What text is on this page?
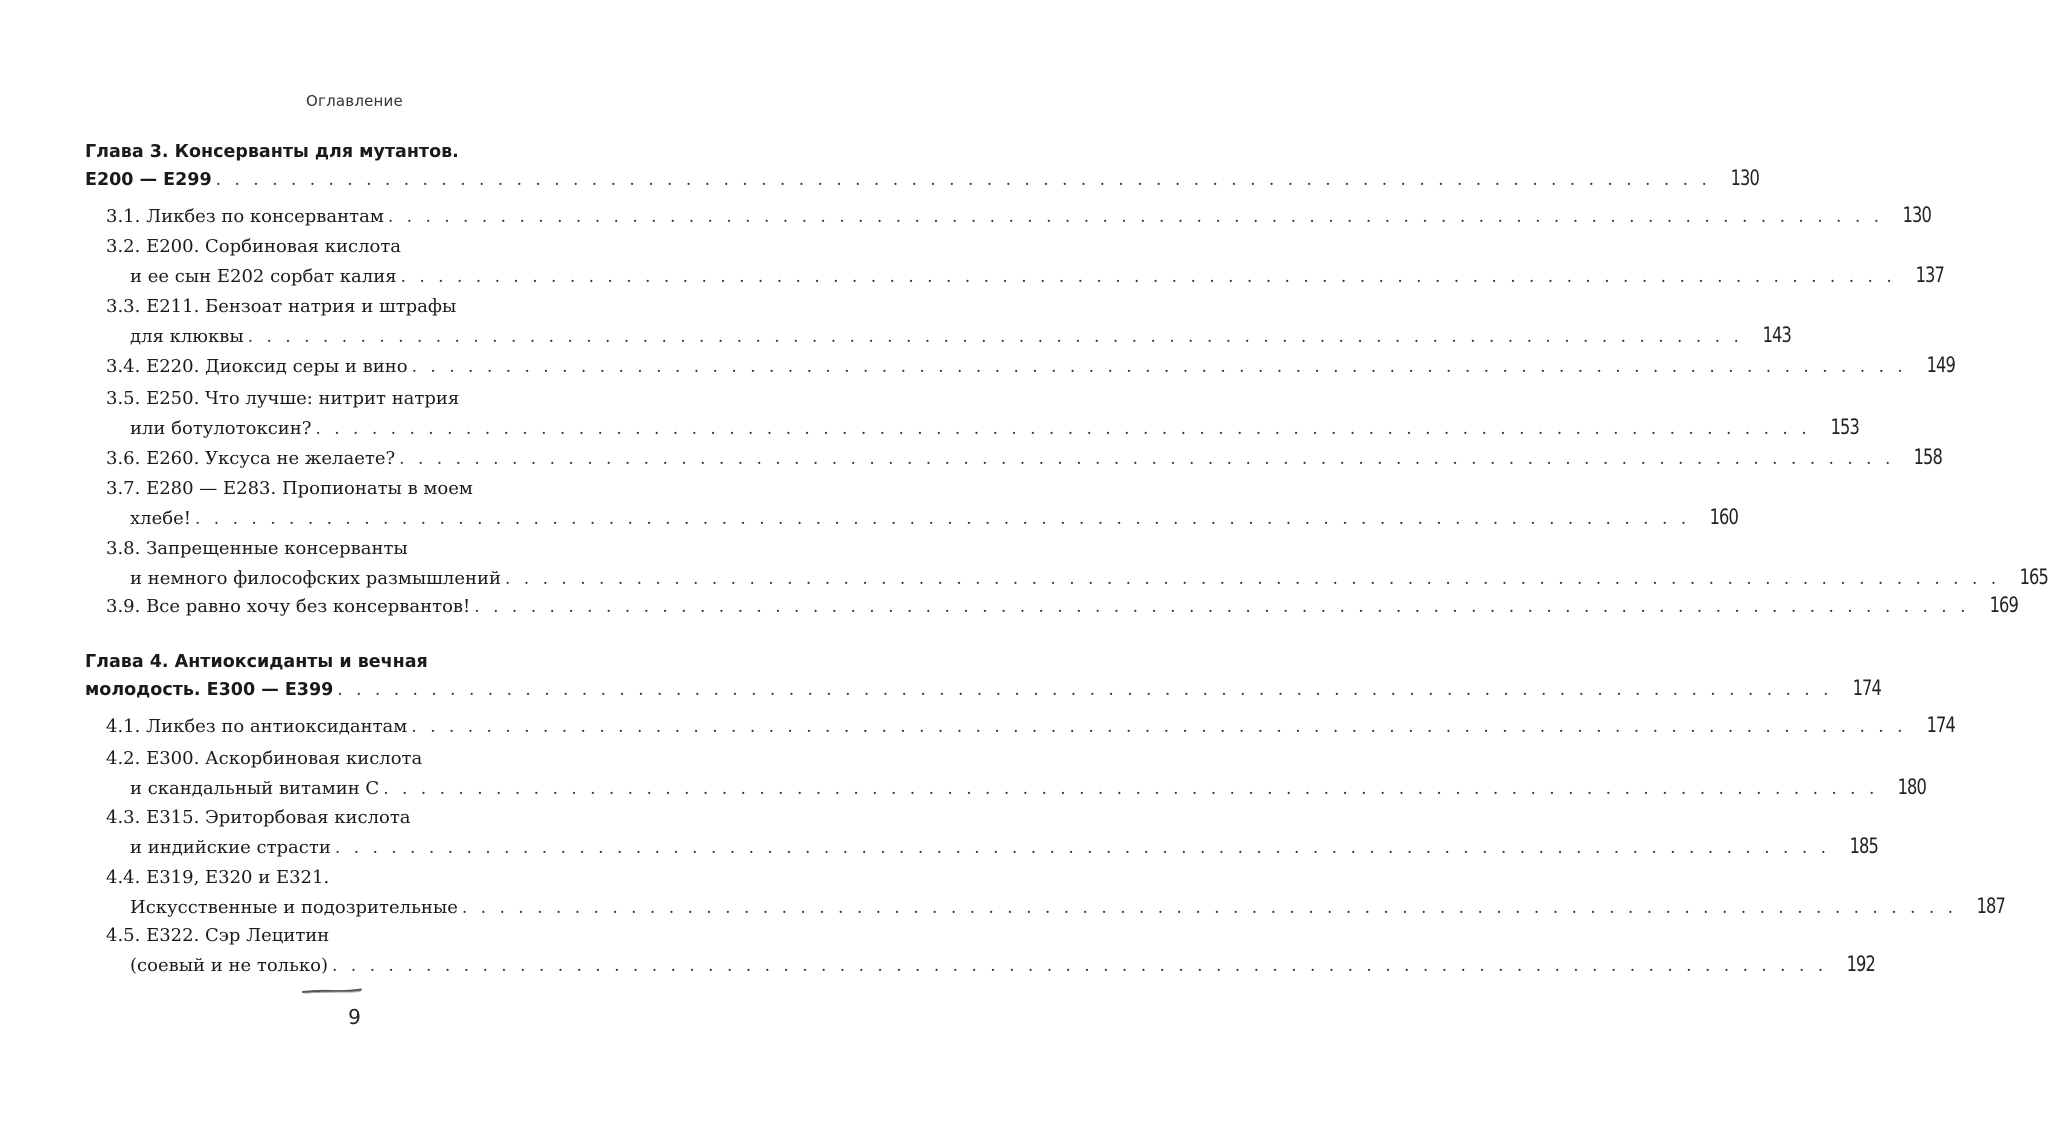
Оглавление
Глава 3. Консерванты для мутантов.
Е200 — Е299 . . . . . . . . . . . . . . . . . . . . . . . . . . . . . . . . . . . . . . . . . . . . . . . . . . . . . . . . . . . . . . . . . . . . . . . . . . . . . . . . 130
3.1. Ликбез по консервантам . . . . . . . . . . . . . . . . . . . . . . . . . . . . . . . . . . . . . . . . . . . . . . . . . . . . . . . . . . . . . . . . . . . . . . . . . . . . . . . . 130
3.2. Е200. Сорбиновая кислота
и ее сын Е202 сорбат калия . . . . . . . . . . . . . . . . . . . . . . . . . . . . . . . . . . . . . . . . . . . . . . . . . . . . . . . . . . . . . . . . . . . . . . . . . . . . . . . . 137
3.3. Е211. Бензоат натрия и штрафы
для клюквы . . . . . . . . . . . . . . . . . . . . . . . . . . . . . . . . . . . . . . . . . . . . . . . . . . . . . . . . . . . . . . . . . . . . . . . . . . . . . . . . 143
3.4. Е220. Диоксид серы и вино . . . . . . . . . . . . . . . . . . . . . . . . . . . . . . . . . . . . . . . . . . . . . . . . . . . . . . . . . . . . . . . . . . . . . . . . . . . . . . . . 149
3.5. Е250. Что лучше: нитрит натрия
или ботулотоксин? . . . . . . . . . . . . . . . . . . . . . . . . . . . . . . . . . . . . . . . . . . . . . . . . . . . . . . . . . . . . . . . . . . . . . . . . . . . . . . . . 153
3.6. Е260. Уксуса не желаете? . . . . . . . . . . . . . . . . . . . . . . . . . . . . . . . . . . . . . . . . . . . . . . . . . . . . . . . . . . . . . . . . . . . . . . . . . . . . . . . . 158
3.7. Е280 — Е283. Пропионаты в моем
хлебе! . . . . . . . . . . . . . . . . . . . . . . . . . . . . . . . . . . . . . . . . . . . . . . . . . . . . . . . . . . . . . . . . . . . . . . . . . . . . . . . . 160
3.8. Запрещенные консерванты
и немного философских размышлений . . . . . . . . . . . . . . . . . . . . . . . . . . . . . . . . . . . . . . . . . . . . . . . . . . . . . . . . . . . . . . . . . . . . . . . . . . . . . . . . 165
3.9. Все равно хочу без консервантов! . . . . . . . . . . . . . . . . . . . . . . . . . . . . . . . . . . . . . . . . . . . . . . . . . . . . . . . . . . . . . . . . . . . . . . . . . . . . . . . . 169
Глава 4. Антиоксиданты и вечная
молодость. Е300 — Е399 . . . . . . . . . . . . . . . . . . . . . . . . . . . . . . . . . . . . . . . . . . . . . . . . . . . . . . . . . . . . . . . . . . . . . . . . . . . . . . . . 174
4.1. Ликбез по антиоксидантам . . . . . . . . . . . . . . . . . . . . . . . . . . . . . . . . . . . . . . . . . . . . . . . . . . . . . . . . . . . . . . . . . . . . . . . . . . . . . . . . 174
4.2. Е300. Аскорбиновая кислота
и скандальный витамин С . . . . . . . . . . . . . . . . . . . . . . . . . . . . . . . . . . . . . . . . . . . . . . . . . . . . . . . . . . . . . . . . . . . . . . . . . . . . . . . . 180
4.3. Е315. Эриторбовая кислота
и индийские страсти . . . . . . . . . . . . . . . . . . . . . . . . . . . . . . . . . . . . . . . . . . . . . . . . . . . . . . . . . . . . . . . . . . . . . . . . . . . . . . . . 185
4.4. Е319, Е320 и Е321.
Искусственные и подозрительные . . . . . . . . . . . . . . . . . . . . . . . . . . . . . . . . . . . . . . . . . . . . . . . . . . . . . . . . . . . . . . . . . . . . . . . . . . . . . . . . 187
4.5. Е322. Сэр Лецитин
(соевый и не только) . . . . . . . . . . . . . . . . . . . . . . . . . . . . . . . . . . . . . . . . . . . . . . . . . . . . . . . . . . . . . . . . . . . . . . . . . . . . . . . . 192
9
